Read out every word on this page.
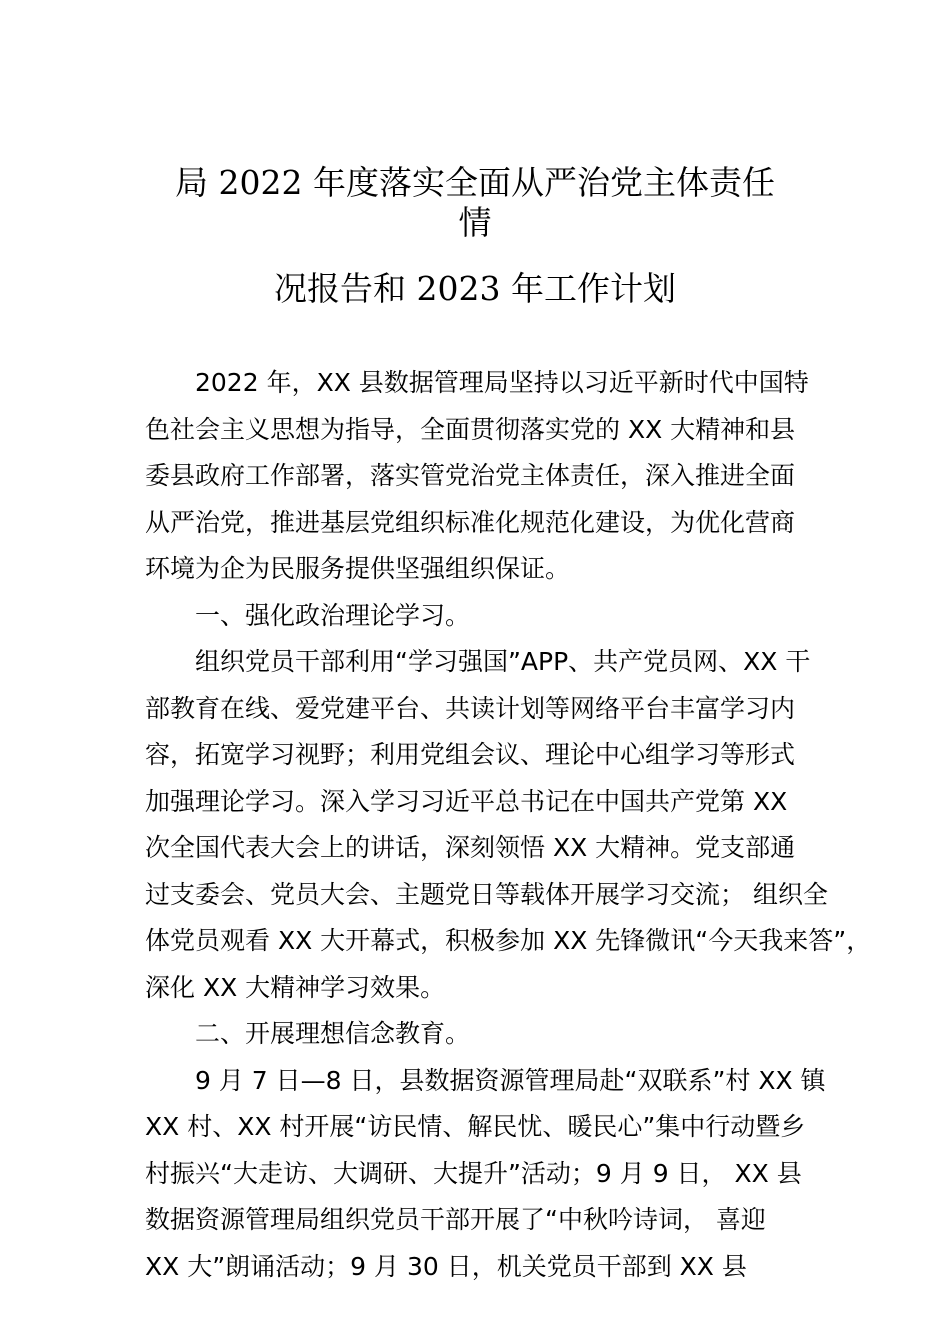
局 2022 年度落实全面从严治党主体责任
情
况报告和 2023 年工作计划
2022 年，XX 县数据管理局坚持以习近平新时代中国特
色社会主义思想为指导，全面贯彻落实党的 XX 大精神和县
委县政府工作部署，落实管党治党主体责任，深入推进全面
从严治党，推进基层党组织标准化规范化建设，为优化营商
环境为企为民服务提供坚强组织保证。
一、强化政治理论学习。
组织党员干部利用“学习强国”APP、共产党员网、XX 干
部教育在线、爱党建平台、共读计划等网络平台丰富学习内
容，拓宽学习视野；利用党组会议、理论中心组学习等形式
加强理论学习。深入学习习近平总书记在中国共产党第 XX
次全国代表大会上的讲话，深刻领悟 XX 大精神。党支部通
过支委会、党员大会、主题党日等载体开展学习交流； 组织全
体党员观看 XX 大开幕式，积极参加 XX 先锋微讯“今天我来答”，
深化 XX 大精神学习效果。
二、开展理想信念教育。
9 月 7 日—8 日，县数据资源管理局赴“双联系”村 XX 镇
XX 村、XX 村开展“访民情、解民忧、暖民心”集中行动暨乡
村振兴“大走访、大调研、大提升”活动；9 月 9 日， XX 县
数据资源管理局组织党员干部开展了“中秋吟诗词， 喜迎
XX 大”朗诵活动；9 月 30 日，机关党员干部到 XX 县
